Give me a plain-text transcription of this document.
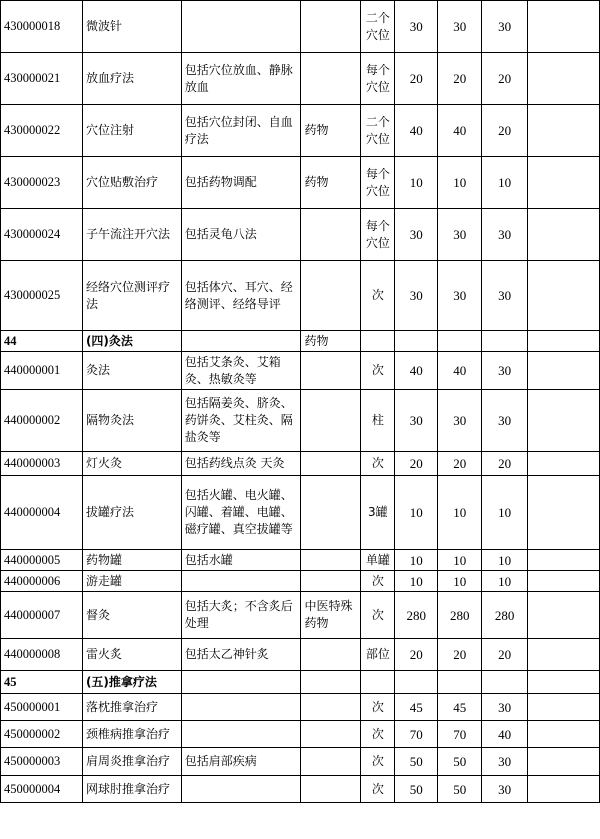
430000018	微波针			二个穴位	30	30	30	
430000021	放血疗法	包括穴位放血、静脉放血		每个穴位	20	20	20	
430000022	穴位注射	包括穴位封闭、自血疗法	药物	二个穴位	40	40	20	
430000023	穴位贴敷治疗	包括药物调配	药物	每个穴位	10	10	10	
430000024	子午流注开穴法	包括灵龟八法		每个穴位	30	30	30	
430000025	经络穴位测评疗法	包括体穴、耳穴、经络测评、经络导评		次	30	30	30	
44	(四)灸法		药物					
440000001	灸法	包括艾条灸、艾箱灸、热敏灸等		次	40	40	30	
440000002	隔物灸法	包括隔姜灸、脐灸、药饼灸、艾柱灸、隔盐灸等		柱	30	30	30	
440000003	灯火灸	包括药线点灸 天灸		次	20	20	20	
440000004	拔罐疗法	包括火罐、电火罐、闪罐、着罐、电罐、磁疗罐、真空拔罐等		3罐	10	10	10	
440000005	药物罐	包括水罐		单罐	10	10	10	
440000006	游走罐			次	10	10	10	
440000007	督灸	包括大炙；不含炙后处理	中医特殊药物	次	280	280	280	
440000008	雷火炙	包括太乙神针炙		部位	20	20	20	
45	(五)推拿疗法							
450000001	落枕推拿治疗			次	45	45	30	
450000002	颈椎病推拿治疗			次	70	70	40	
450000003	肩周炎推拿治疗	包括肩部疾病		次	50	50	30	
450000004	网球肘推拿治疗			次	50	50	30	
